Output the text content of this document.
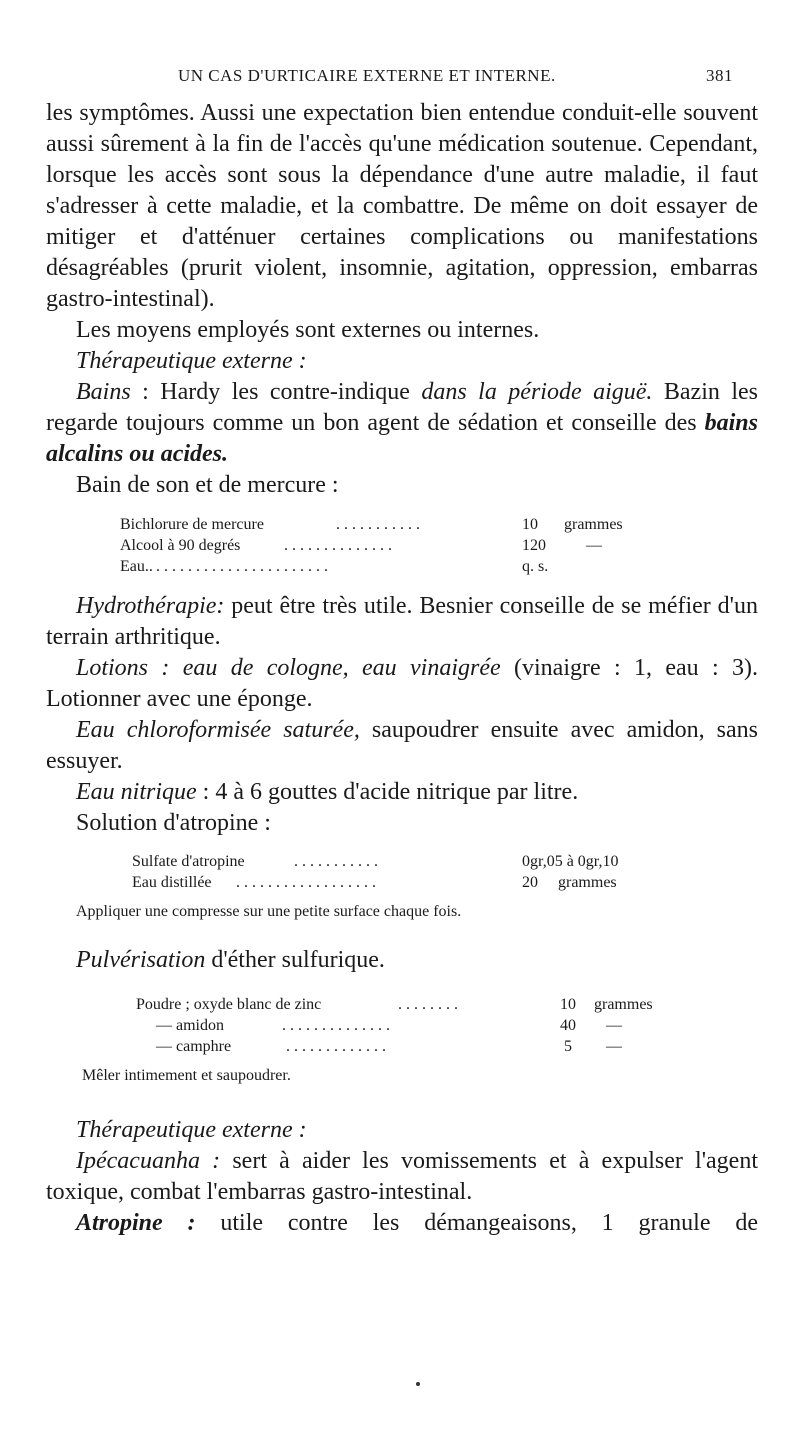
UN CAS D'URTICAIRE EXTERNE ET INTERNE.	381

les symptômes. Aussi une expectation bien entendue conduit-elle souvent aussi sûrement à la fin de l'accès qu'une médication soutenue. Cependant, lorsque les accès sont sous la dépendance d'une autre maladie, il faut s'adresser à cette maladie, et la combattre. De même on doit essayer de mitiger et d'atténuer certaines complications ou manifestations désagréables (prurit violent, insomnie, agitation, oppression, embarras gastro-intestinal).

Les moyens employés sont externes ou internes.

Thérapeutique externe :

Bains : Hardy les contre-indique dans la période aiguë. Bazin les regarde toujours comme un bon agent de sédation et conseille des bains alcalins ou acides.

Bain de son et de mercure :

Bichlorure de mercure	...........	10 grammes
Alcool à 90 degrés	..............	120	—
Eau.. ......................	q. s.

Hydrothérapie: peut être très utile. Besnier conseille de se méfier d'un terrain arthritique.

Lotions : eau de cologne, eau vinaigrée (vinaigre : 1, eau : 3). Lotionner avec une éponge.

Eau chloroformisée saturée, saupoudrer ensuite avec amidon, sans essuyer.

Eau nitrique : 4 à 6 gouttes d'acide nitrique par litre.

Solution d'atropine :

Sulfate d'atropine	...........	0gr,05 à 0gr,10
Eau distillée ..................	20 grammes
Appliquer une compresse sur une petite surface chaque fois.

Pulvérisation d'éther sulfurique.

Poudre ; oxyde blanc de zinc	........	10 grammes
— amidon	..............	40 —
— camphre	.............	5 —
Mêler intimement et saupoudrer.

Thérapeutique externe :

Ipécacuanha : sert à aider les vomissements et à expulser l'agent toxique, combat l'embarras gastro-intestinal.

Atropine : utile contre les démangeaisons, 1 granule de
